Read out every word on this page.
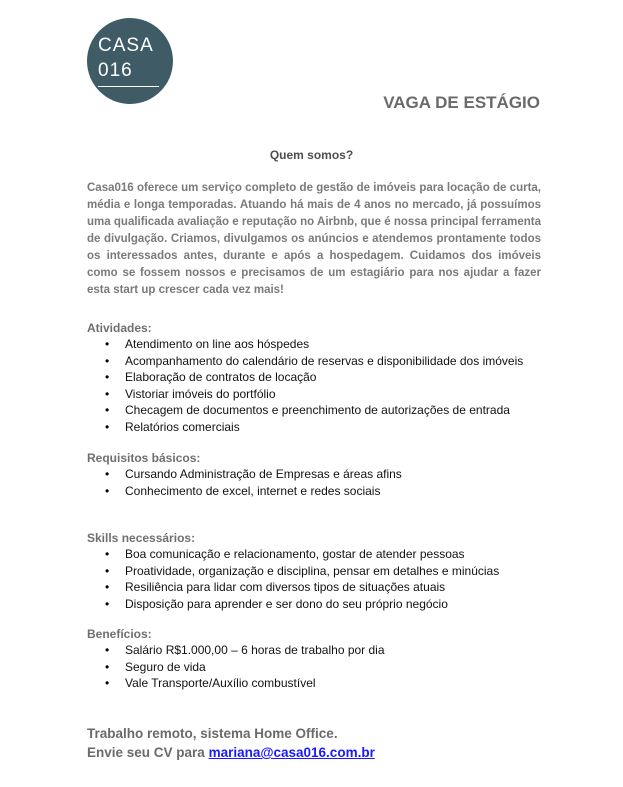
CASA
016
VAGA DE ESTÁGIO
Quem somos?

Casa016 oferece um serviço completo de gestão de imóveis para locação de curta, média e longa temporadas. Atuando há mais de 4 anos no mercado, já possuímos uma qualificada avaliação e reputação no Airbnb, que é nossa principal ferramenta de divulgação. Criamos, divulgamos os anúncios e atendemos prontamente todos os interessados antes, durante e após a hospedagem. Cuidamos dos imóveis como se fossem nossos e precisamos de um estagiário para nos ajudar a fazer esta start up crescer cada vez mais!

Atividades:
• Atendimento on line aos hóspedes
• Acompanhamento do calendário de reservas e disponibilidade dos imóveis
• Elaboração de contratos de locação
• Vistoriar imóveis do portfólio
• Checagem de documentos e preenchimento de autorizações de entrada
• Relatórios comerciais
Requisitos básicos:
• Cursando Administração de Empresas e áreas afins
• Conhecimento de excel, internet e redes sociais
Skills necessários:
• Boa comunicação e relacionamento, gostar de atender pessoas
• Proatividade, organização e disciplina, pensar em detalhes e minúcias
• Resiliência para lidar com diversos tipos de situações atuais
• Disposição para aprender e ser dono do seu próprio negócio
Benefícios:
• Salário R$1.000,00 – 6 horas de trabalho por dia
• Seguro de vida
• Vale Transporte/Auxílio combustível
Trabalho remoto, sistema Home Office.
Envie seu CV para mariana@casa016.com.br
